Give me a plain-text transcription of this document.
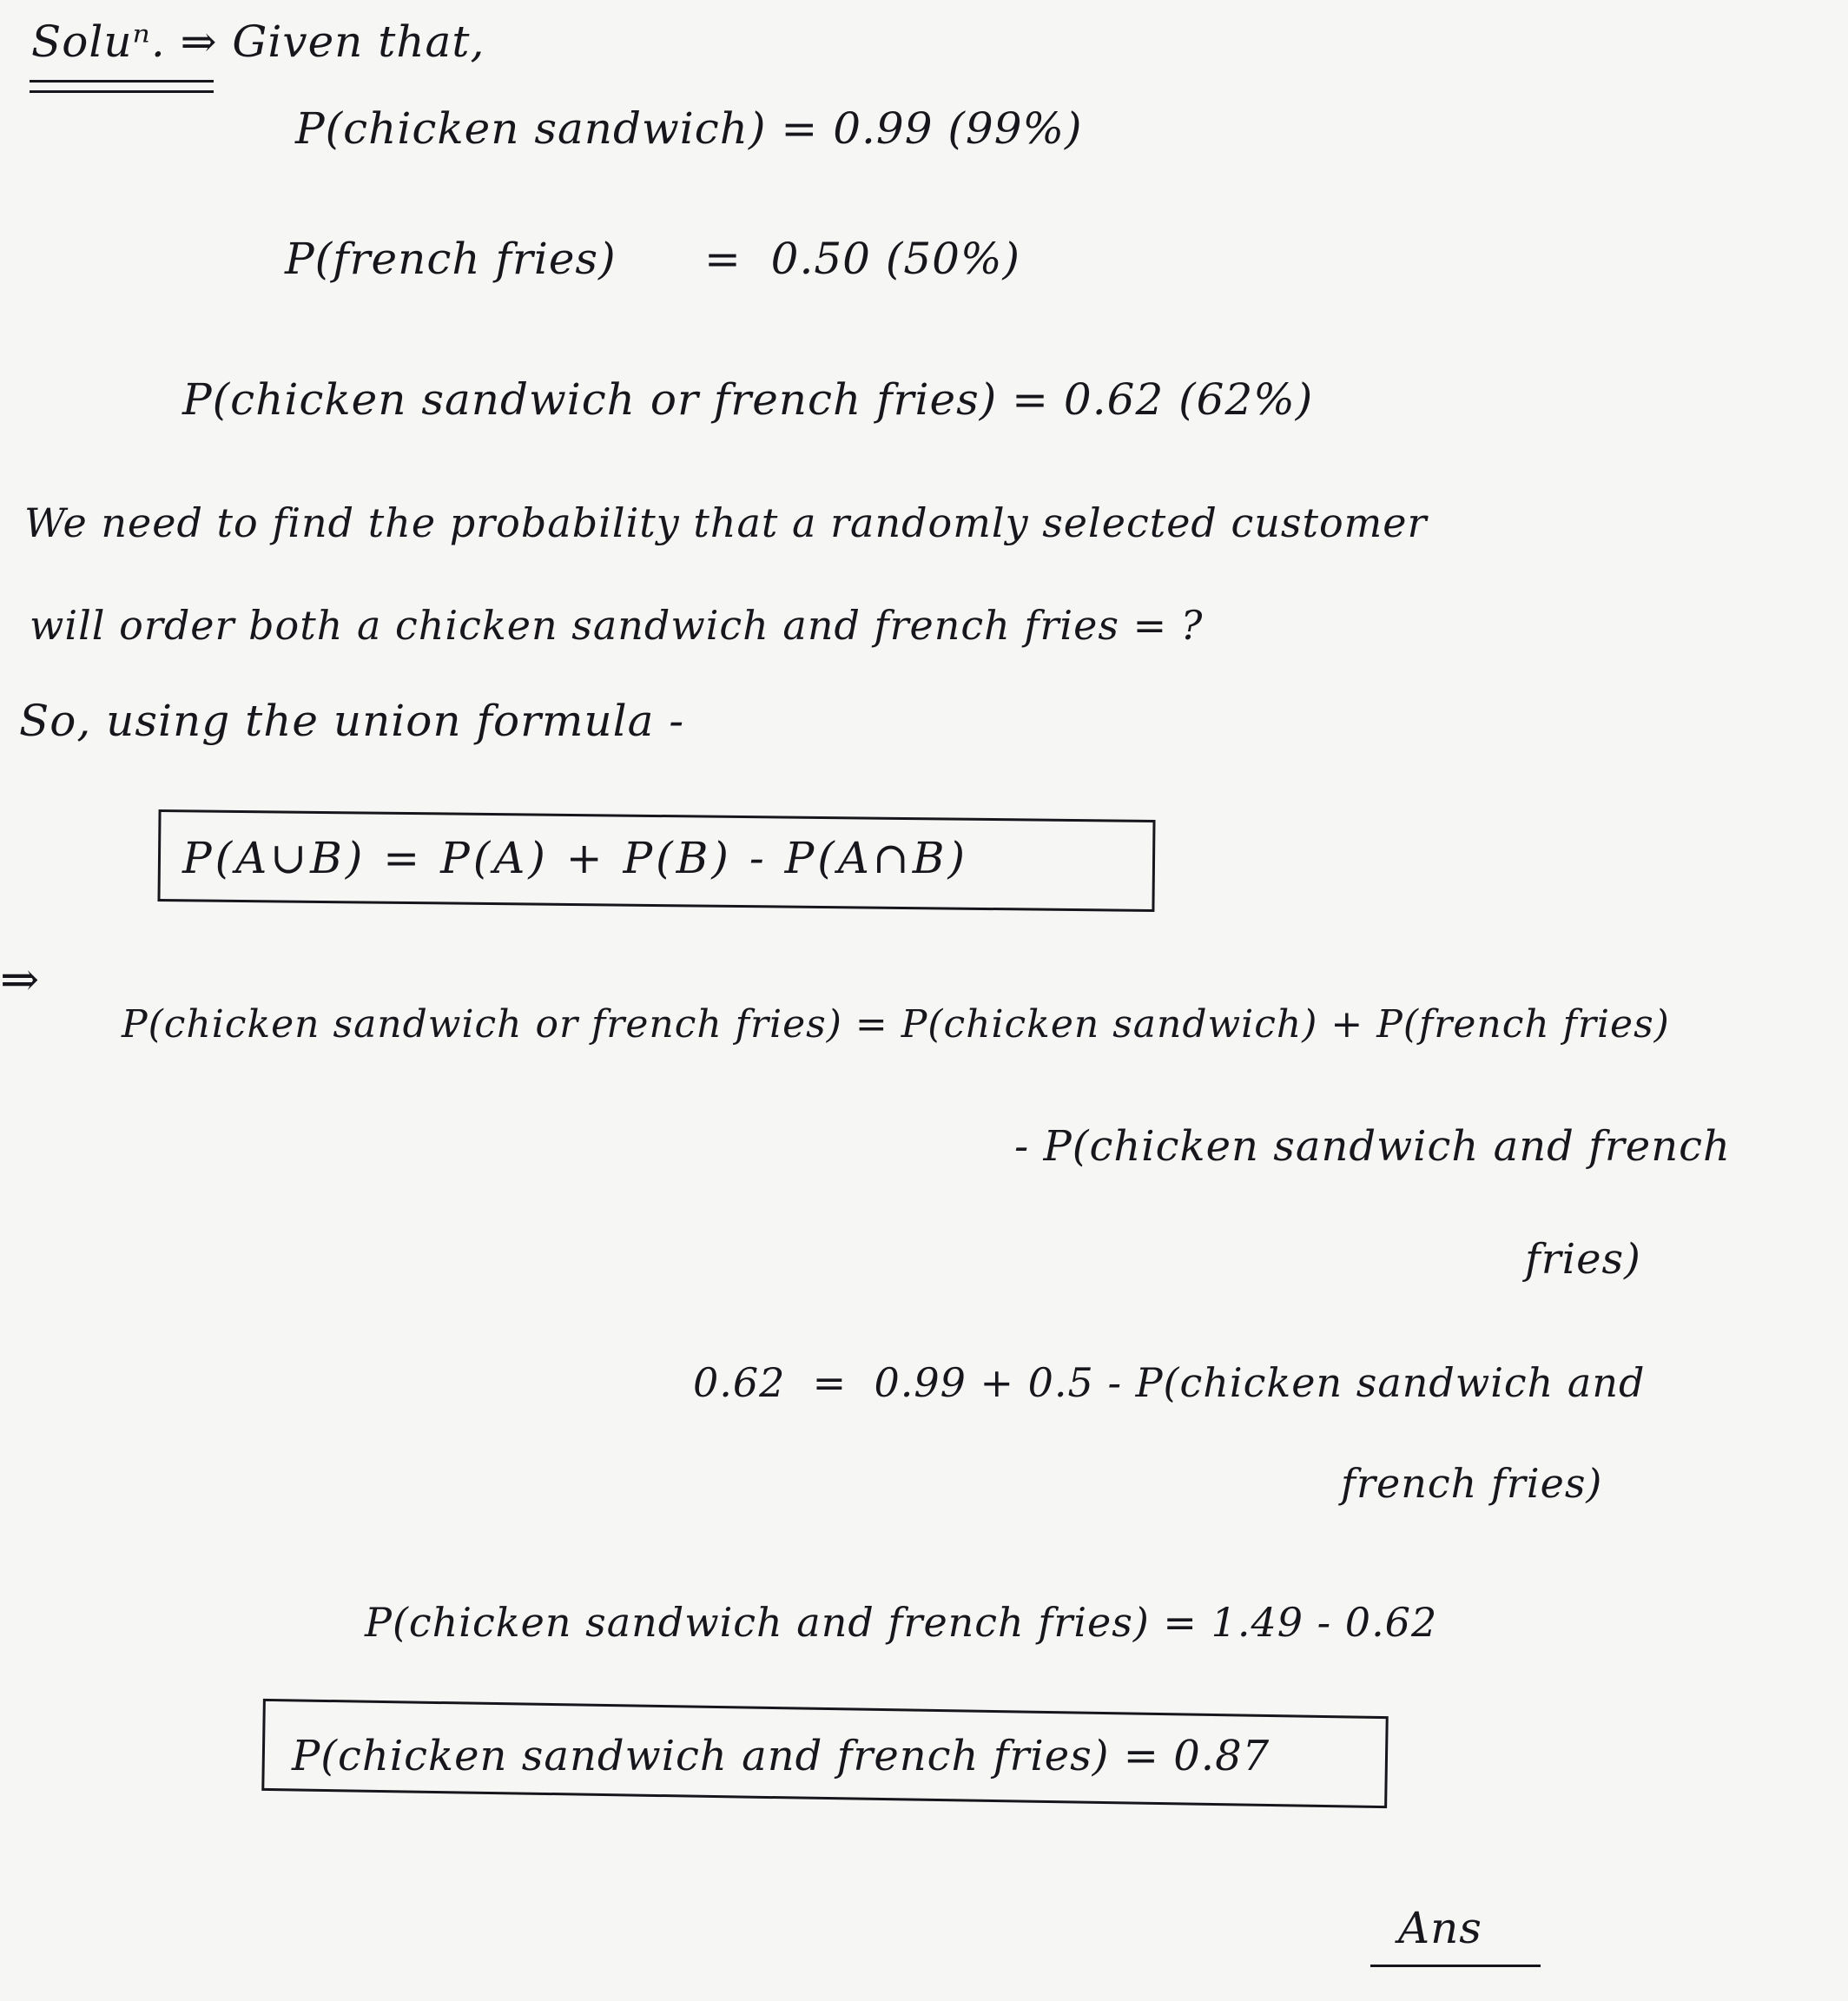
Soluⁿ. ⇒ Given that,
P(chicken sandwich) = 0.99 (99%)
P(french fries)      =  0.50 (50%)
P(chicken sandwich or french fries) = 0.62 (62%)
We need to find the probability that a randomly selected customer
will order both a chicken sandwich and french fries = ?
So, using the union formula -
P(A∪B) = P(A) + P(B) - P(A∩B)
⇒
P(chicken sandwich or french fries) = P(chicken sandwich) + P(french fries)
- P(chicken sandwich and french
fries)
0.62  =  0.99 + 0.5 - P(chicken sandwich and
french fries)
P(chicken sandwich and french fries) = 1.49 - 0.62
P(chicken sandwich and french fries) = 0.87
Ans
